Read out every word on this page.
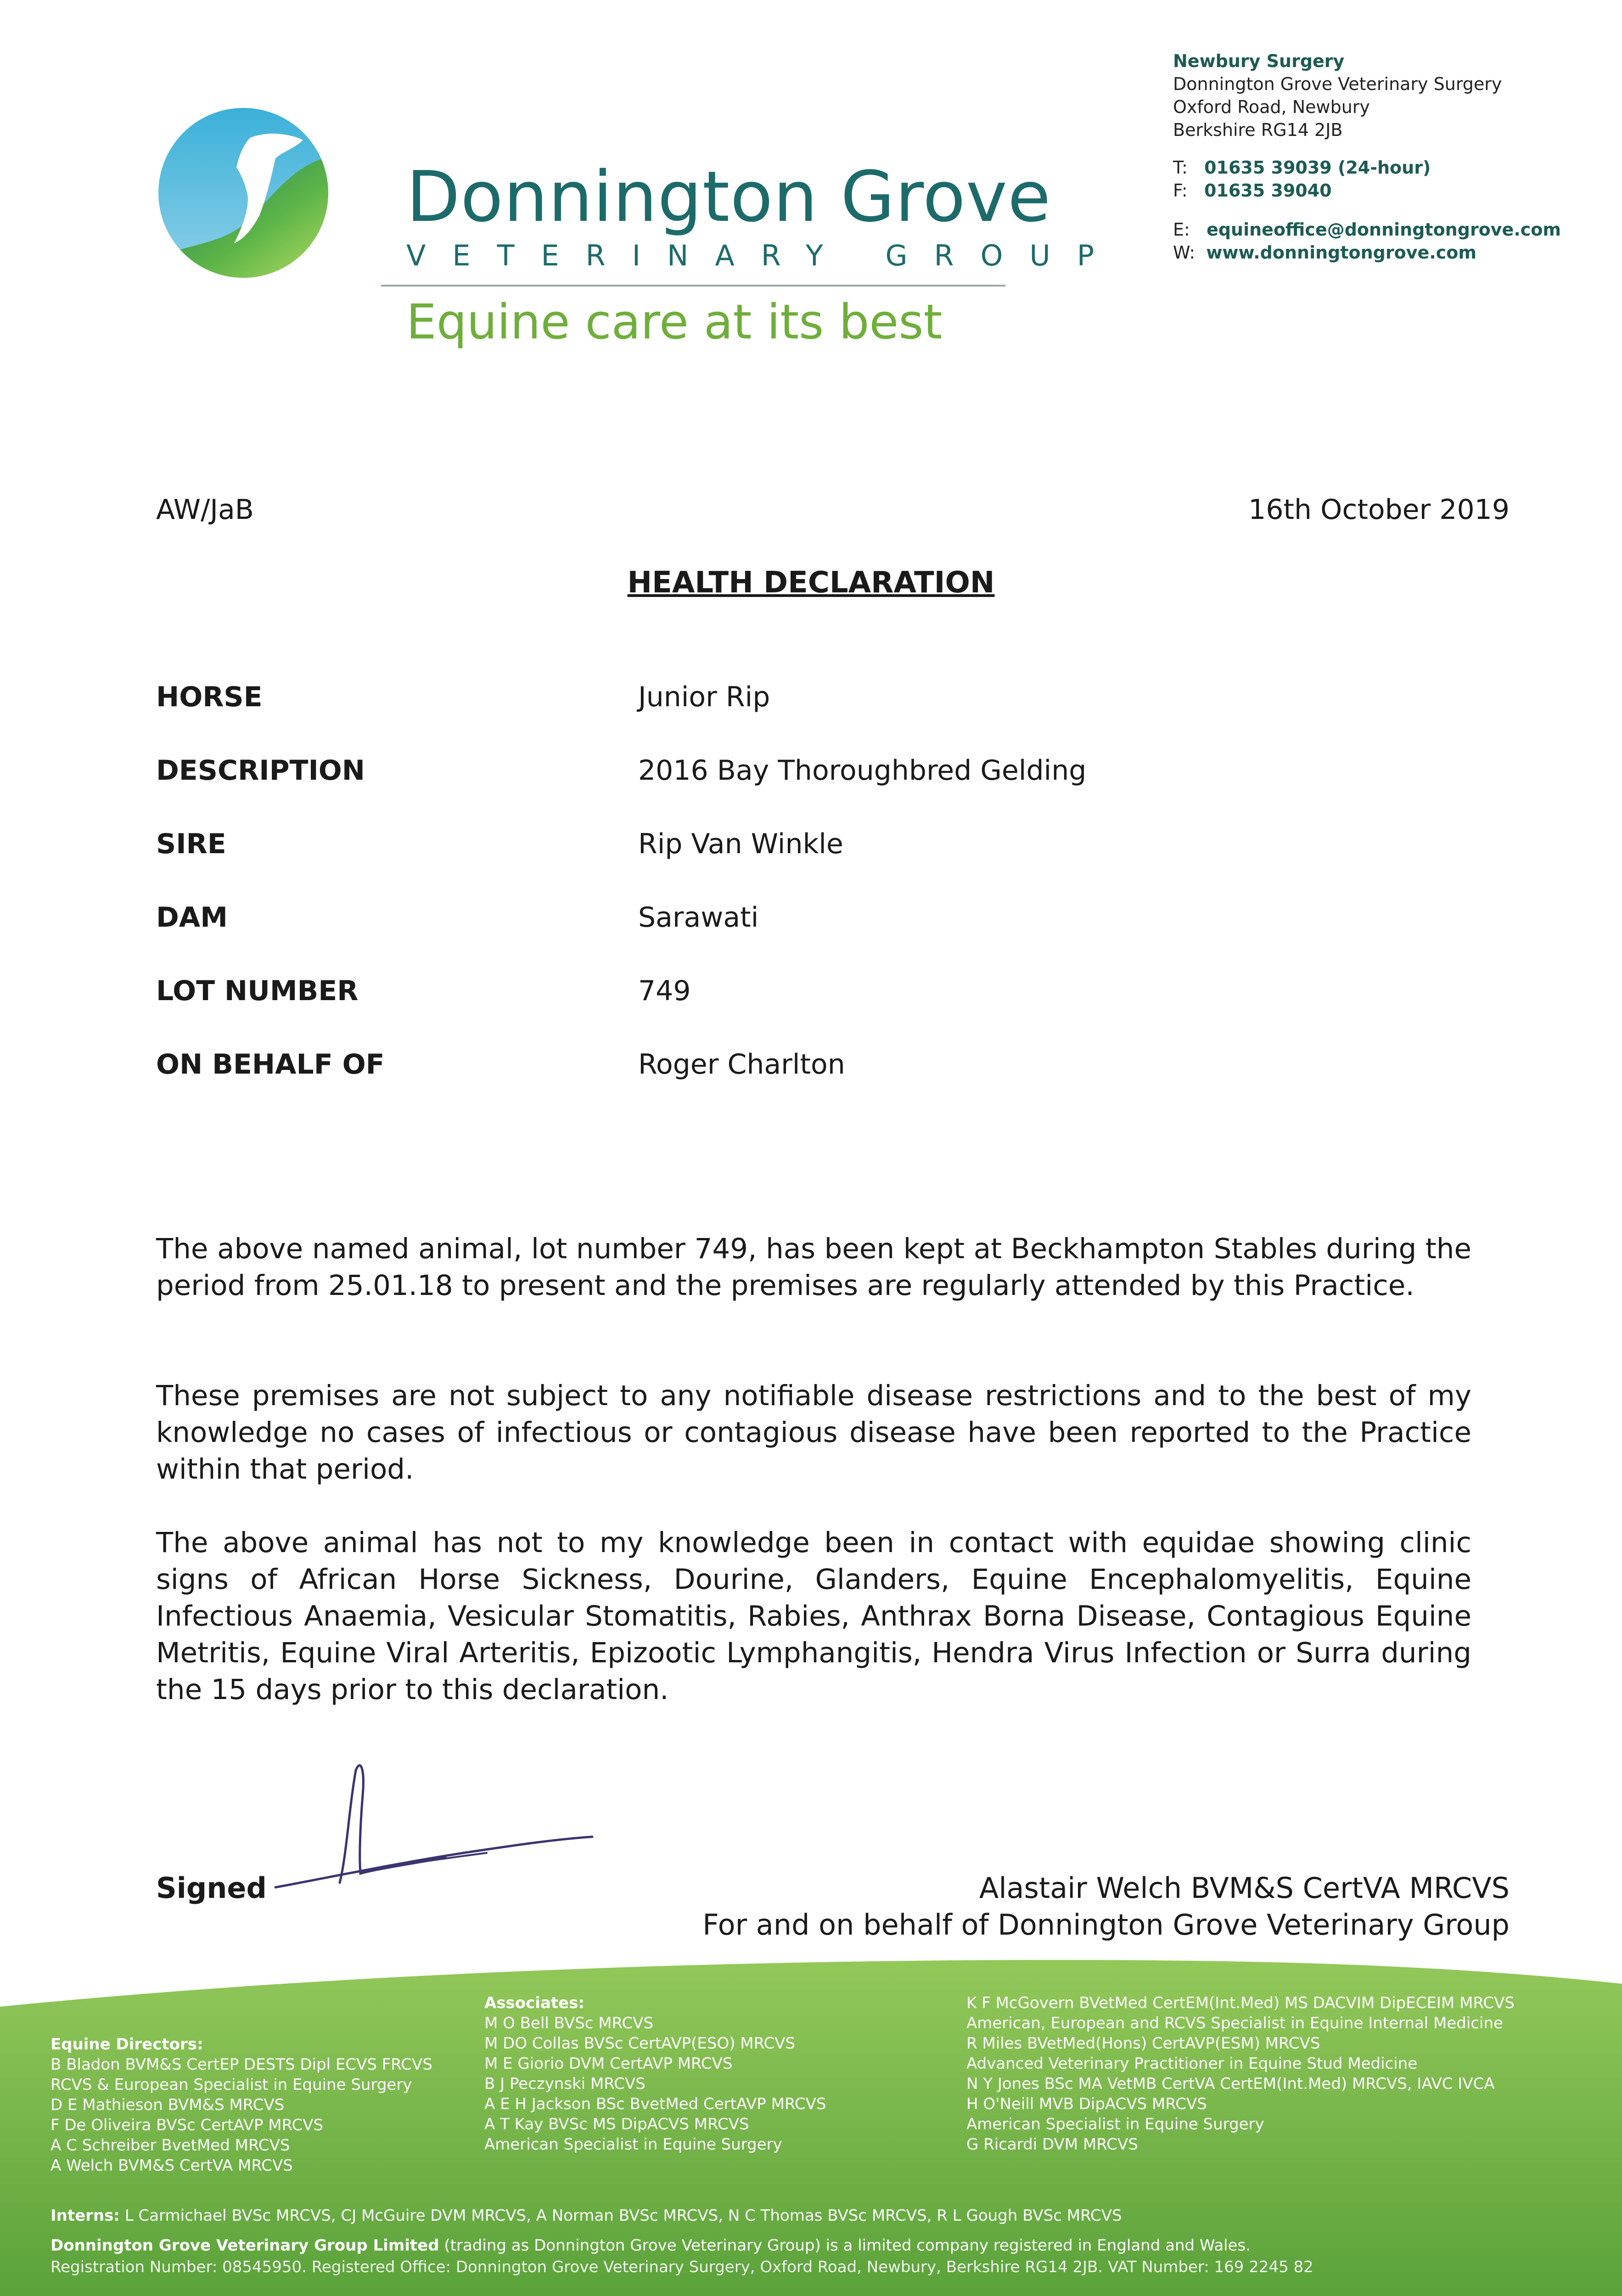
Donnington Grove
VETERINARY GROUP
Equine care at its best
Newbury Surgery
Donnington Grove Veterinary Surgery
Oxford Road, Newbury
Berkshire RG14 2JB
T: 01635 39039 (24-hour)
F: 01635 39040
E: equineoffice@donningtongrove.com
W: www.donningtongrove.com
AW/JaB	16th October 2019
HEALTH DECLARATION
HORSE	Junior Rip
DESCRIPTION	2016 Bay Thoroughbred Gelding
SIRE	Rip Van Winkle
DAM	Sarawati
LOT NUMBER	749
ON BEHALF OF	Roger Charlton
The above named animal, lot number 749, has been kept at Beckhampton Stables during the period from 25.01.18 to present and the premises are regularly attended by this Practice.
These premises are not subject to any notifiable disease restrictions and to the best of my knowledge no cases of infectious or contagious disease have been reported to the Practice within that period.
The above animal has not to my knowledge been in contact with equidae showing clinic signs of African Horse Sickness, Dourine, Glanders, Equine Encephalomyelitis, Equine Infectious Anaemia, Vesicular Stomatitis, Rabies, Anthrax Borna Disease, Contagious Equine Metritis, Equine Viral Arteritis, Epizootic Lymphangitis, Hendra Virus Infection or Surra during the 15 days prior to this declaration.
Signed	Alastair Welch BVM&S CertVA MRCVS
For and on behalf of Donnington Grove Veterinary Group
Equine Directors:
B Bladon BVM&S CertEP DESTS Dipl ECVS FRCVS
RCVS & European Specialist in Equine Surgery
D E Mathieson BVM&S MRCVS
F De Oliveira BVSc CertAVP MRCVS
A C Schreiber BvetMed MRCVS
A Welch BVM&S CertVA MRCVS
Associates:
M O Bell BVSc MRCVS
M DO Collas BVSc CertAVP(ESO) MRCVS
M E Giorio DVM CertAVP MRCVS
B J Peczynski MRCVS
A E H Jackson BSc BvetMed CertAVP MRCVS
A T Kay BVSc MS DipACVS MRCVS
American Specialist in Equine Surgery
K F McGovern BVetMed CertEM(Int.Med) MS DACVIM DipECEIM MRCVS
American, European and RCVS Specialist in Equine Internal Medicine
R Miles BVetMed(Hons) CertAVP(ESM) MRCVS
Advanced Veterinary Practitioner in Equine Stud Medicine
N Y Jones BSc MA VetMB CertVA CertEM(Int.Med) MRCVS, IAVC IVCA
H O'Neill MVB DipACVS MRCVS
American Specialist in Equine Surgery
G Ricardi DVM MRCVS
Interns: L Carmichael BVSc MRCVS, CJ McGuire DVM MRCVS, A Norman BVSc MRCVS, N C Thomas BVSc MRCVS, R L Gough BVSc MRCVS
Donnington Grove Veterinary Group Limited (trading as Donnington Grove Veterinary Group) is a limited company registered in England and Wales.
Registration Number: 08545950. Registered Office: Donnington Grove Veterinary Surgery, Oxford Road, Newbury, Berkshire RG14 2JB. VAT Number: 169 2245 82
